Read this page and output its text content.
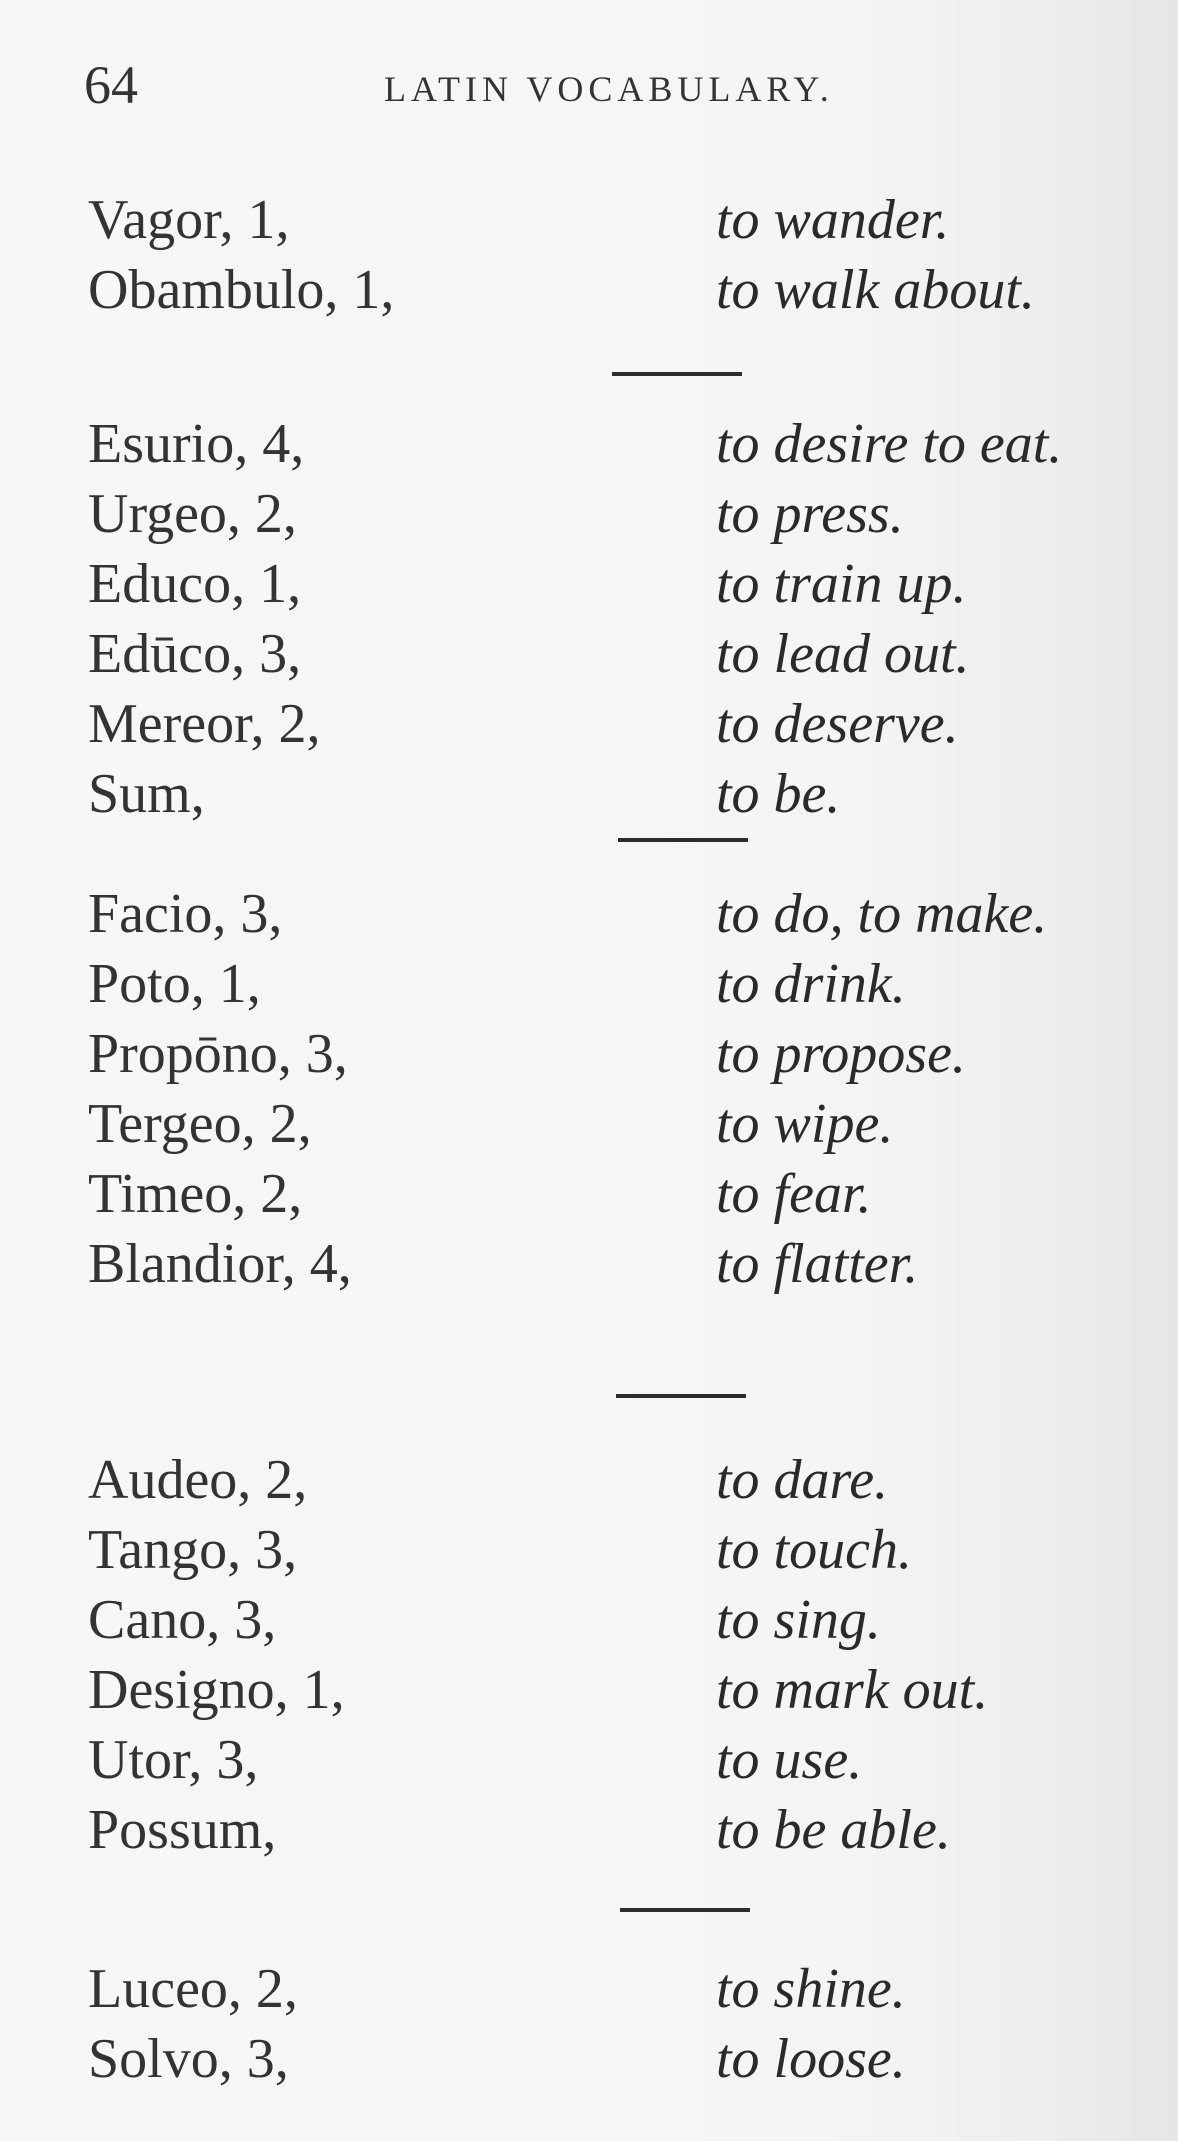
64	LATIN VOCABULARY.
Vagor, 1,	to wander.
Obambulo, 1,	to walk about.
Esurio, 4,	to desire to eat.
Urgeo, 2,	to press.
Educo, 1,	to train up.
Edūco, 3,	to lead out.
Mereor, 2,	to deserve.
Sum,	to be.
Facio, 3,	to do, to make.
Poto, 1,	to drink.
Propōno, 3,	to propose.
Tergeo, 2,	to wipe.
Timeo, 2,	to fear.
Blandior, 4,	to flatter.
Audeo, 2,	to dare.
Tango, 3,	to touch.
Cano, 3,	to sing.
Designo, 1,	to mark out.
Utor, 3,	to use.
Possum,	to be able.
Luceo, 2,	to shine.
Solvo, 3,	to loose.
